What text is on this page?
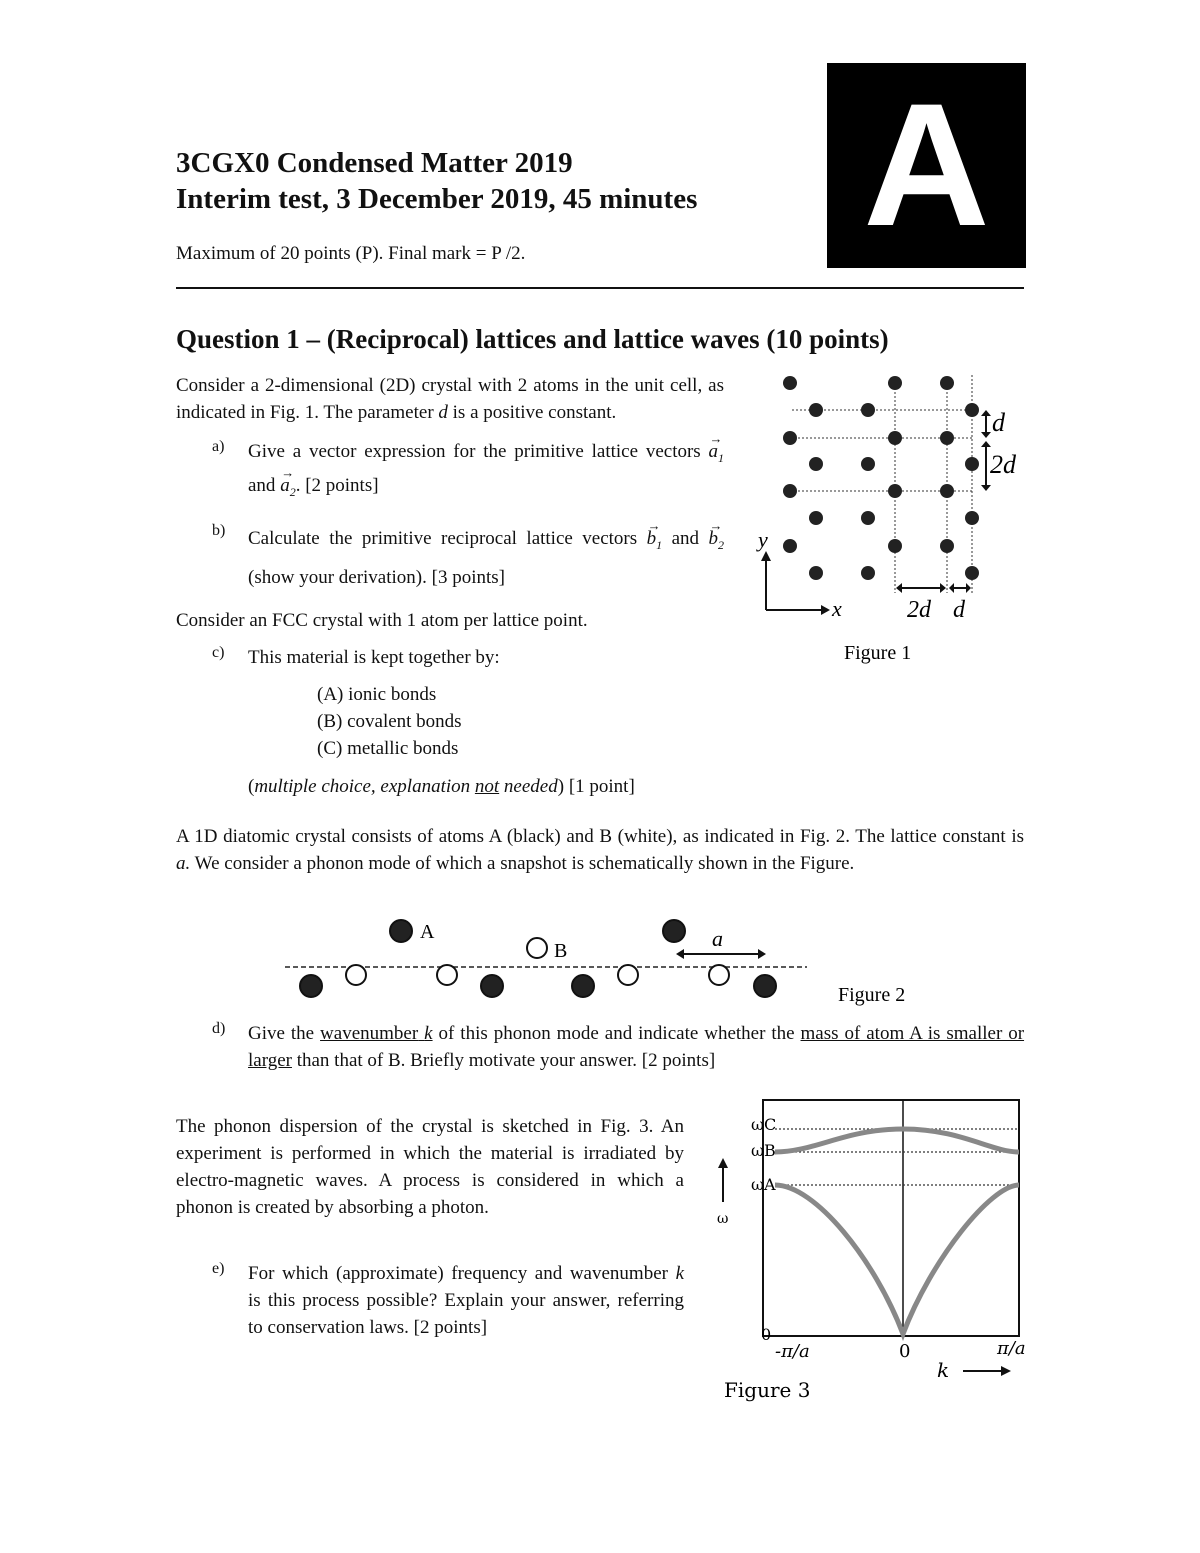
A
3CGX0 Condensed Matter 2019
Interim test, 3 December 2019, 45 minutes
Maximum of 20 points (P). Final mark = P /2.
Question 1 – (Reciprocal) lattices and lattice waves (10 points)

Consider a 2-dimensional (2D) crystal with 2 atoms in the unit cell, as indicated in Fig. 1. The parameter d is a positive constant.

a)	Give a vector expression for the primitive lattice vectors → $a_1$ and → $a_2$. [2 points]
b)	Calculate the primitive reciprocal lattice vectors → $b_1$ and → $b_2$ (show your derivation). [3 points]

Consider an FCC crystal with 1 atom per lattice point.

c)	This material is kept together by:

(A) ionic bonds

(B) covalent bonds

(C) metallic bonds

(multiple choice, explanation not needed) [1 point]

A 1D diatomic crystal consists of atoms A (black) and B (white), as indicated in Fig. 2. The lattice constant is a. We consider a phonon mode of which a snapshot is schematically shown in the Figure.

d)	Give the wavenumber k of this phonon mode and indicate whether the mass of atom A is smaller or larger than that of B. Briefly motivate your answer. [2 points]

The phonon dispersion of the crystal is sketched in Fig. 3. An experiment is performed in which the material is irradiated by electro-magnetic waves. A process is considered in which a phonon is created by absorbing a photon.

e)	For which (approximate) frequency and wavenumber k is this process possible? Explain your answer, referring to conservation laws. [2 points]
y
x
d
2d
2d d
Figure 1
A
B	a
Figure 2
ωC
ωB
ωA
ω
0
-π/a	0	π/a
k
Figure 3
